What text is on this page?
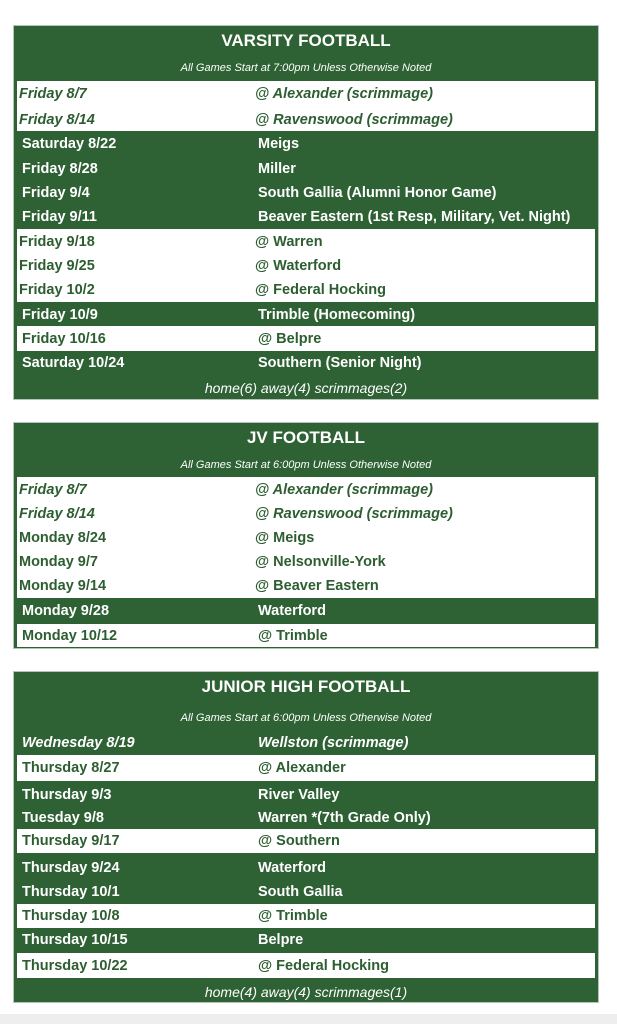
VARSITY FOOTBALL
All Games Start at 7:00pm Unless Otherwise Noted
Friday 8/7	@ Alexander (scrimmage)
Friday 8/14	@ Ravenswood (scrimmage)
Saturday 8/22	Meigs
Friday 8/28	Miller
Friday 9/4	South Gallia (Alumni Honor Game)
Friday 9/11	Beaver Eastern (1st Resp, Military, Vet. Night)
Friday 9/18	@ Warren
Friday 9/25	@ Waterford
Friday 10/2	@ Federal Hocking
Friday 10/9	Trimble (Homecoming)
Friday 10/16	@ Belpre
Saturday 10/24	Southern (Senior Night)
home(6) away(4) scrimmages(2)
JV FOOTBALL
All Games Start at 6:00pm Unless Otherwise Noted
Friday 8/7	@ Alexander (scrimmage)
Friday 8/14	@ Ravenswood (scrimmage)
Monday 8/24	@ Meigs
Monday 9/7	@ Nelsonville-York
Monday 9/14	@ Beaver Eastern
Monday 9/28	Waterford
Monday 10/12	@ Trimble
JUNIOR HIGH FOOTBALL
All Games Start at 6:00pm Unless Otherwise Noted
Wednesday 8/19	Wellston (scrimmage)
Thursday 8/27	@ Alexander
Thursday 9/3	River Valley
Tuesday 9/8	Warren *(7th Grade Only)
Thursday 9/17	@ Southern
Thursday 9/24	Waterford
Thursday 10/1	South Gallia
Thursday 10/8	@ Trimble
Thursday 10/15	Belpre
Thursday 10/22	@ Federal Hocking
home(4) away(4) scrimmages(1)
